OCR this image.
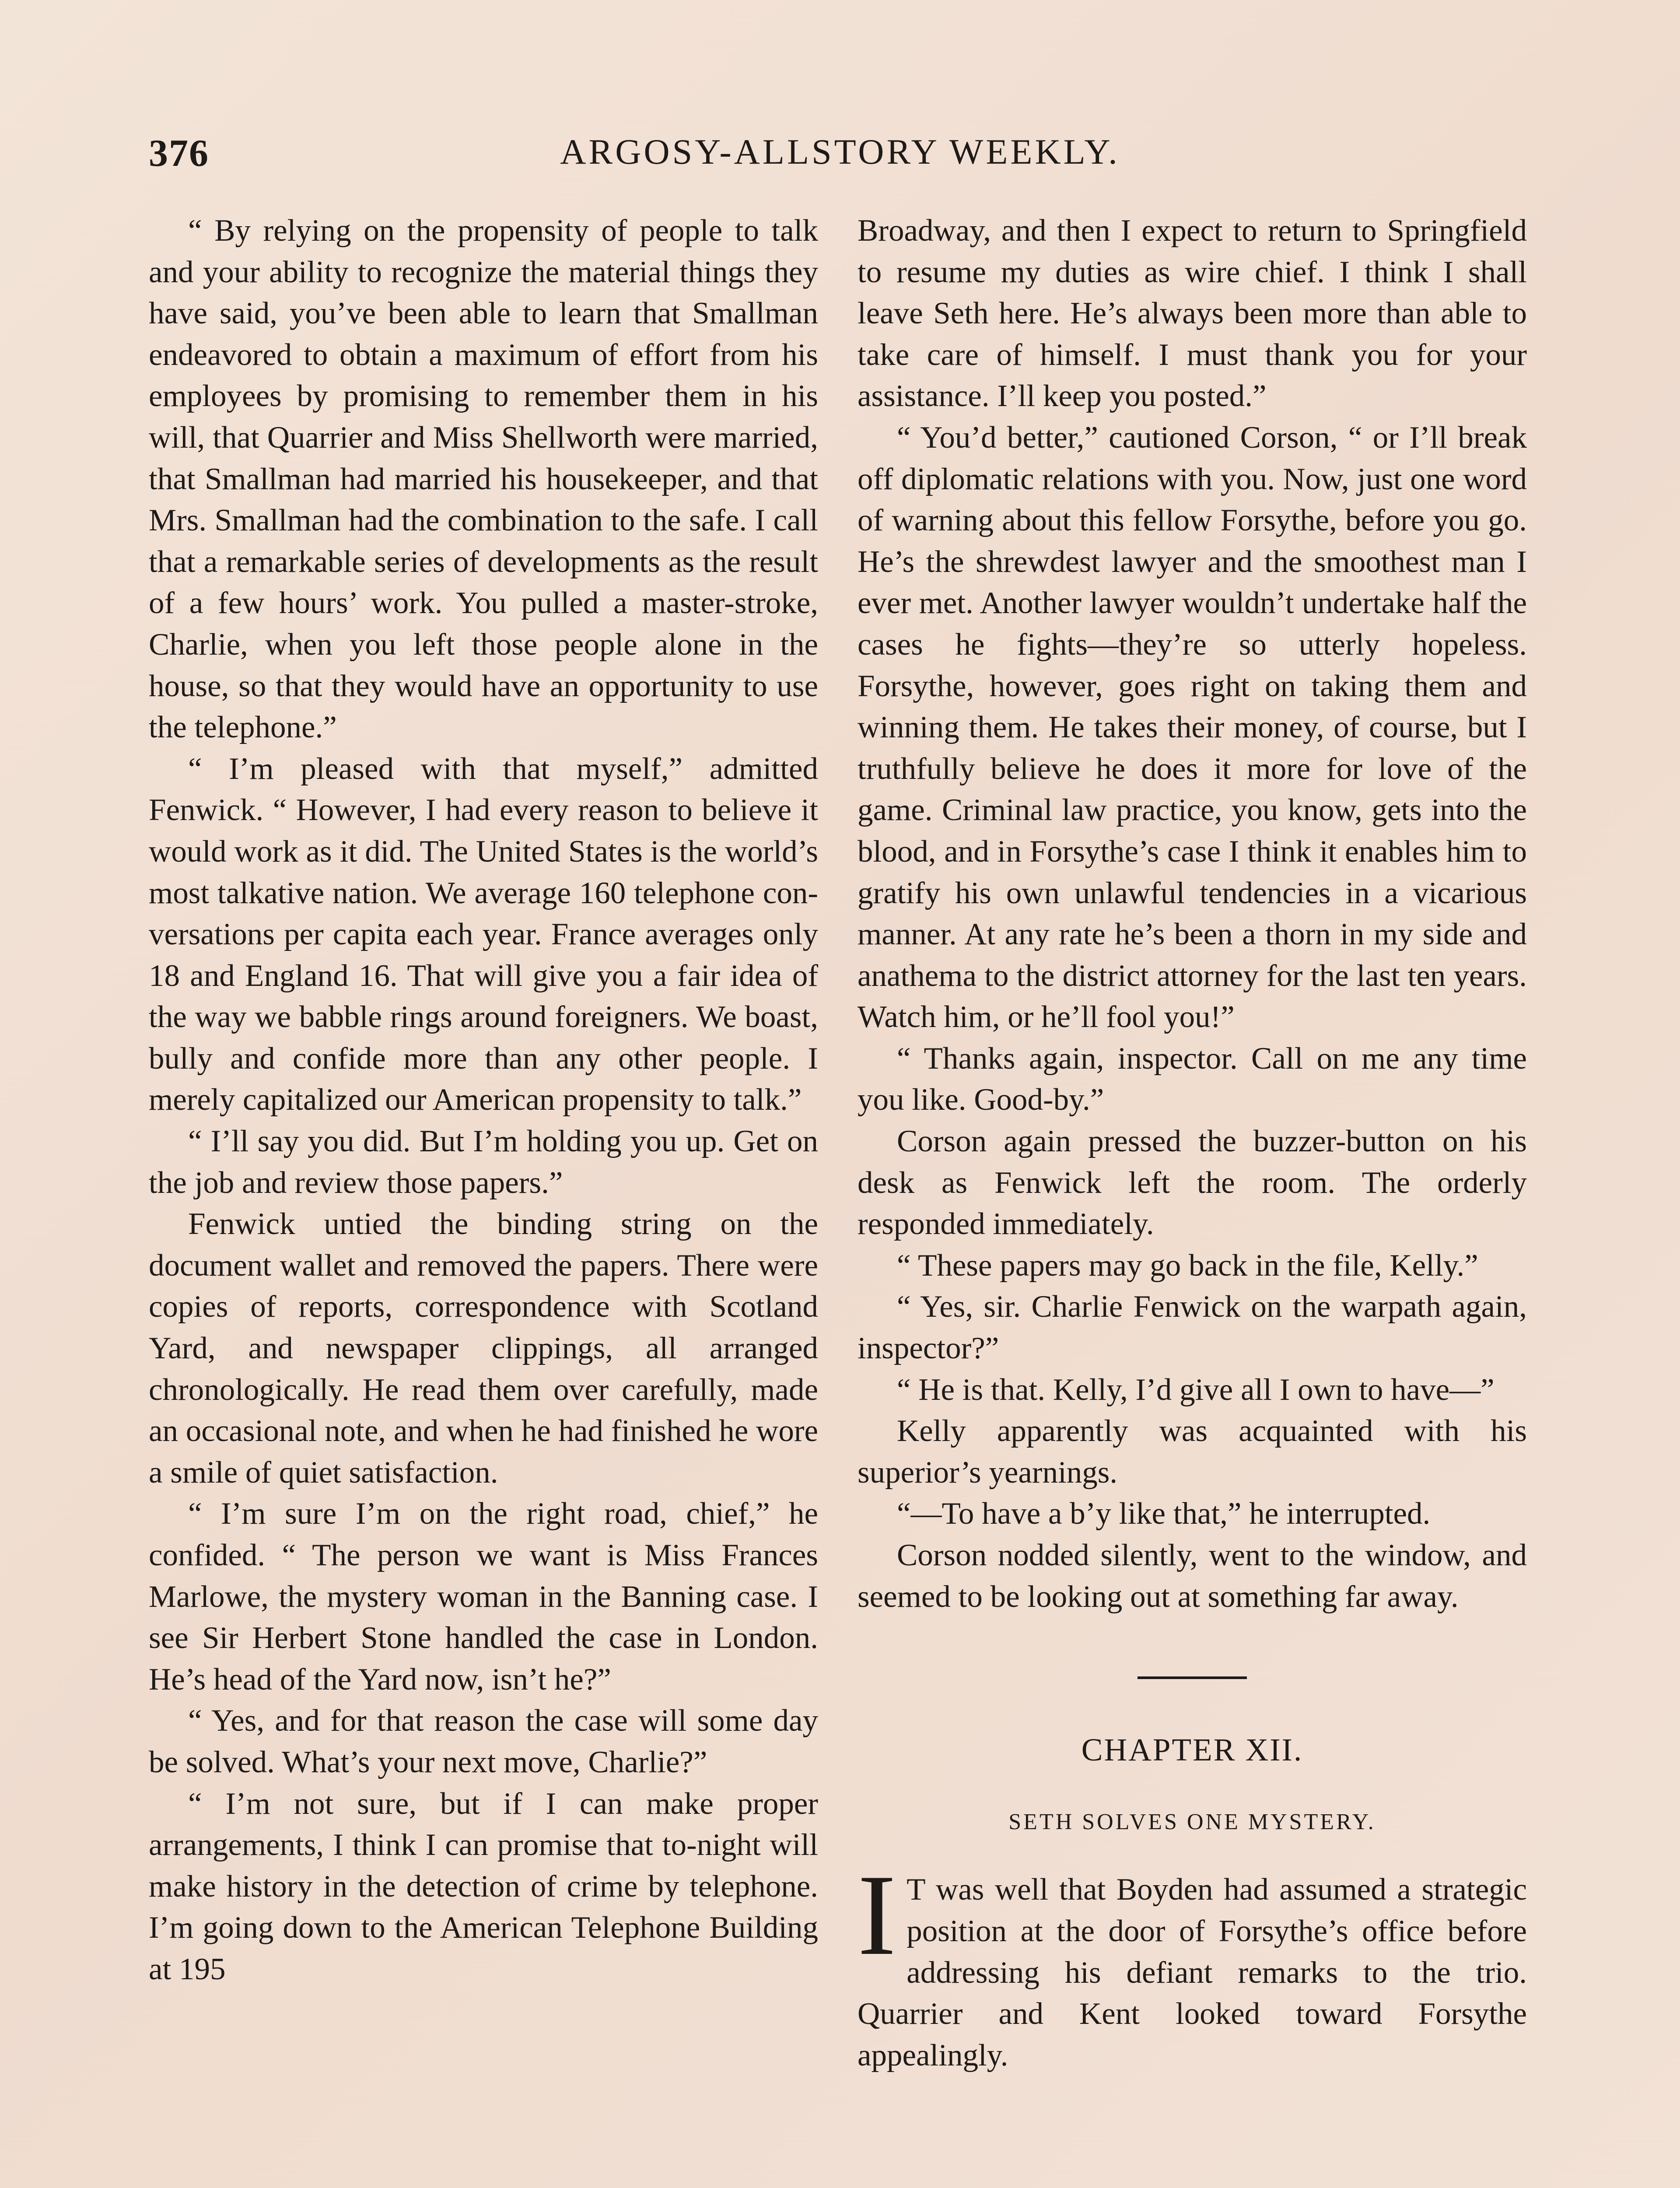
376	ARGOSY-ALLSTORY WEEKLY.

“ By relying on the propensity of people to talk and your ability to recognize the material things they have said, you’ve been able to learn that Smallman endeavored to obtain a maximum of effort from his employees by promising to remember them in his will, that Quarrier and Miss Shellworth were married, that Smallman had married his housekeeper, and that Mrs. Smallman had the combination to the safe. I call that a remarkable series of developments as the result of a few hours’ work. You pulled a master-stroke, Charlie, when you left those people alone in the house, so that they would have an opportunity to use the telephone.”

“ I’m pleased with that myself,” admitted Fenwick. “ However, I had every reason to believe it would work as it did. The United States is the world’s most talkative nation. We average 160 telephone conversations per capita each year. France averages only 18 and England 16. That will give you a fair idea of the way we babble rings around foreigners. We boast, bully and confide more than any other people. I merely capitalized our American propensity to talk.”

“ I’ll say you did. But I’m holding you up. Get on the job and review those papers.”

Fenwick untied the binding string on the document wallet and removed the papers. There were copies of reports, correspondence with Scotland Yard, and newspaper clippings, all arranged chronologically. He read them over carefully, made an occasional note, and when he had finished he wore a smile of quiet satisfaction.

“ I’m sure I’m on the right road, chief,” he confided. “ The person we want is Miss Frances Marlowe, the mystery woman in the Banning case. I see Sir Herbert Stone handled the case in London. He’s head of the Yard now, isn’t he?”

“ Yes, and for that reason the case will some day be solved. What’s your next move, Charlie?”

“ I’m not sure, but if I can make proper arrangements, I think I can promise that to-night will make history in the detection of crime by telephone. I’m going down to the American Telephone Building at 195

Broadway, and then I expect to return to Springfield to resume my duties as wire chief. I think I shall leave Seth here. He’s always been more than able to take care of himself. I must thank you for your assistance. I’ll keep you posted.”

“ You’d better,” cautioned Corson, “ or I’ll break off diplomatic relations with you. Now, just one word of warning about this fellow Forsythe, before you go. He’s the shrewdest lawyer and the smoothest man I ever met. Another lawyer wouldn’t undertake half the cases he fights—they’re so utterly hopeless. Forsythe, however, goes right on taking them and winning them. He takes their money, of course, but I truthfully believe he does it more for love of the game. Criminal law practice, you know, gets into the blood, and in Forsythe’s case I think it enables him to gratify his own unlawful tendencies in a vicarious manner. At any rate he’s been a thorn in my side and anathema to the district attorney for the last ten years. Watch him, or he’ll fool you!”

“ Thanks again, inspector. Call on me any time you like. Good-by.”

Corson again pressed the buzzer-button on his desk as Fenwick left the room. The orderly responded immediately.

“ These papers may go back in the file, Kelly.”

“ Yes, sir. Charlie Fenwick on the warpath again, inspector?”

“ He is that. Kelly, I’d give all I own to have—”

Kelly apparently was acquainted with his superior’s yearnings.

“—To have a b’y like that,” he interrupted.

Corson nodded silently, went to the window, and seemed to be looking out at something far away.

CHAPTER XII.
SETH SOLVES ONE MYSTERY.

I T was well that Boyden had assumed a strategic position at the door of Forsythe’s office before addressing his defiant remarks to the trio. Quarrier and Kent looked toward Forsythe appealingly.
